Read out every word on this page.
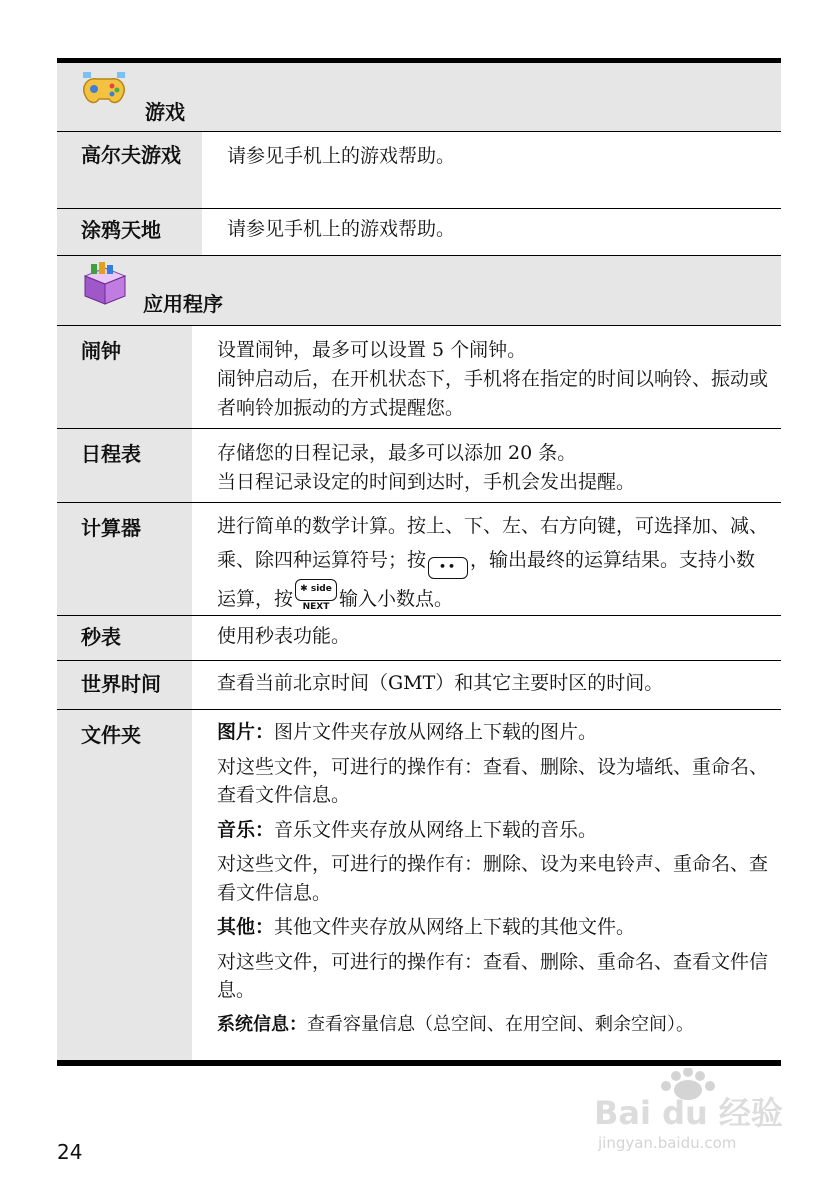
游戏
高尔夫游戏 请参见手机上的游戏帮助。
涂鸦天地	请参见手机上的游戏帮助。
应用程序
闹钟	设置闹钟，最多可以设置 5 个闹钟。

闹钟启动后，在开机状态下，手机将在指定的时间以响铃、振动或者响铃加振动的方式提醒您。

日程表	存储您的日程记录，最多可以添加 20 条。

当日程记录设定的时间到达时，手机会发出提醒。

计算器	进行简单的数学计算。按上、下、左、右方向键，可选择加、减、乘、除四种运算符号；按 •• ，输出最终的运算结果。支持小数运算，按 ✱ side NEXT 输入小数点。
秒表	使用秒表功能。
世界时间	查看当前北京时间（GMT）和其它主要时区的时间。
文件夹	图片：图片文件夹存放从网络上下载的图片。

对这些文件，可进行的操作有：查看、删除、设为墙纸、重命名、查看文件信息。

音乐：音乐文件夹存放从网络上下载的音乐。

对这些文件，可进行的操作有：删除、设为来电铃声、重命名、查看文件信息。

其他：其他文件夹存放从网络上下载的其他文件。

对这些文件，可进行的操作有：查看、删除、重命名、查看文件信息。

系统信息：查看容量信息（总空间、在用空间、剩余空间）。

Bai du 经验
jingyan.baidu.com
24
